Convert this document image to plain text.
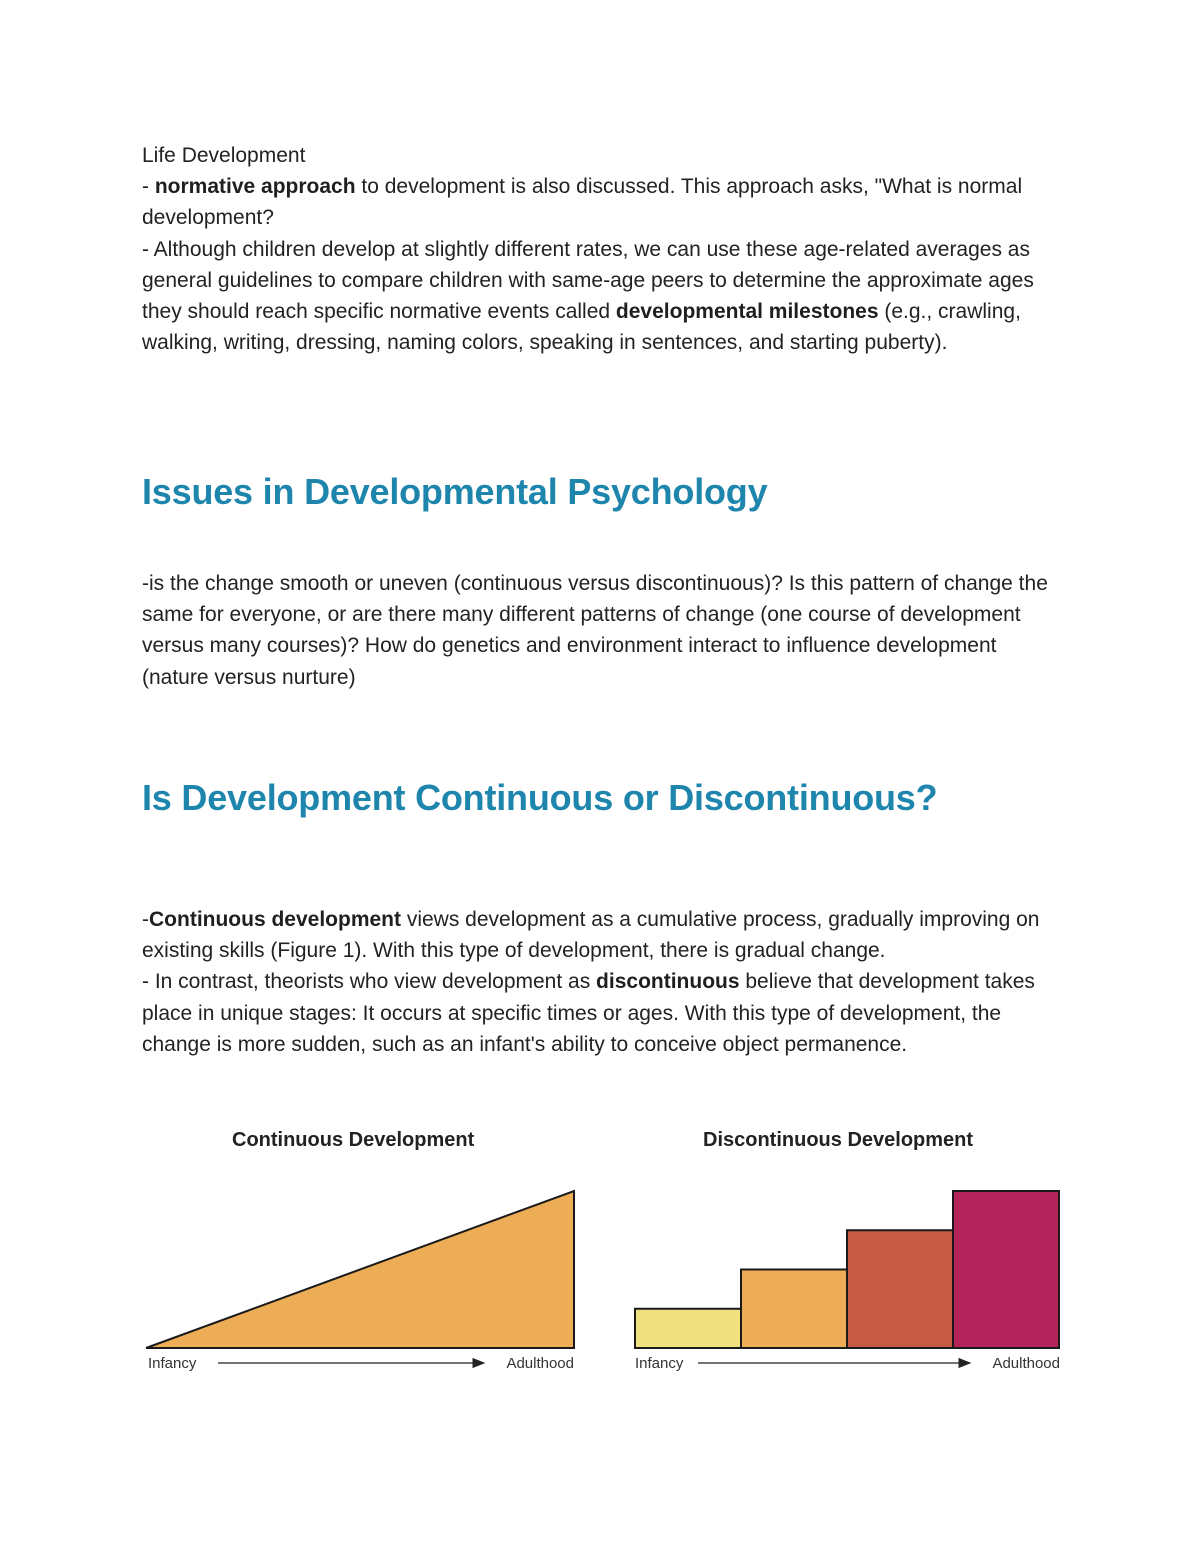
Life Development

- normative approach to development is also discussed. This approach asks, "What is normal development?

- Although children develop at slightly different rates, we can use these age-related averages as general guidelines to compare children with same-age peers to determine the approximate ages they should reach specific normative events called developmental milestones (e.g., crawling, walking, writing, dressing, naming colors, speaking in sentences, and starting puberty).

Issues in Developmental Psychology

-is the change smooth or uneven (continuous versus discontinuous)? Is this pattern of change the same for everyone, or are there many different patterns of change (one course of development versus many courses)? How do genetics and environment interact to influence development (nature versus nurture)

Is Development Continuous or Discontinuous?

-Continuous development views development as a cumulative process, gradually improving on existing skills (Figure 1). With this type of development, there is gradual change.

- In contrast, theorists who view development as discontinuous believe that development takes place in unique stages: It occurs at specific times or ages. With this type of development, the change is more sudden, such as an infant's ability to conceive object permanence.

Continuous Development	Discontinuous Development
Infancy	Adulthood	Infancy	Adulthood
